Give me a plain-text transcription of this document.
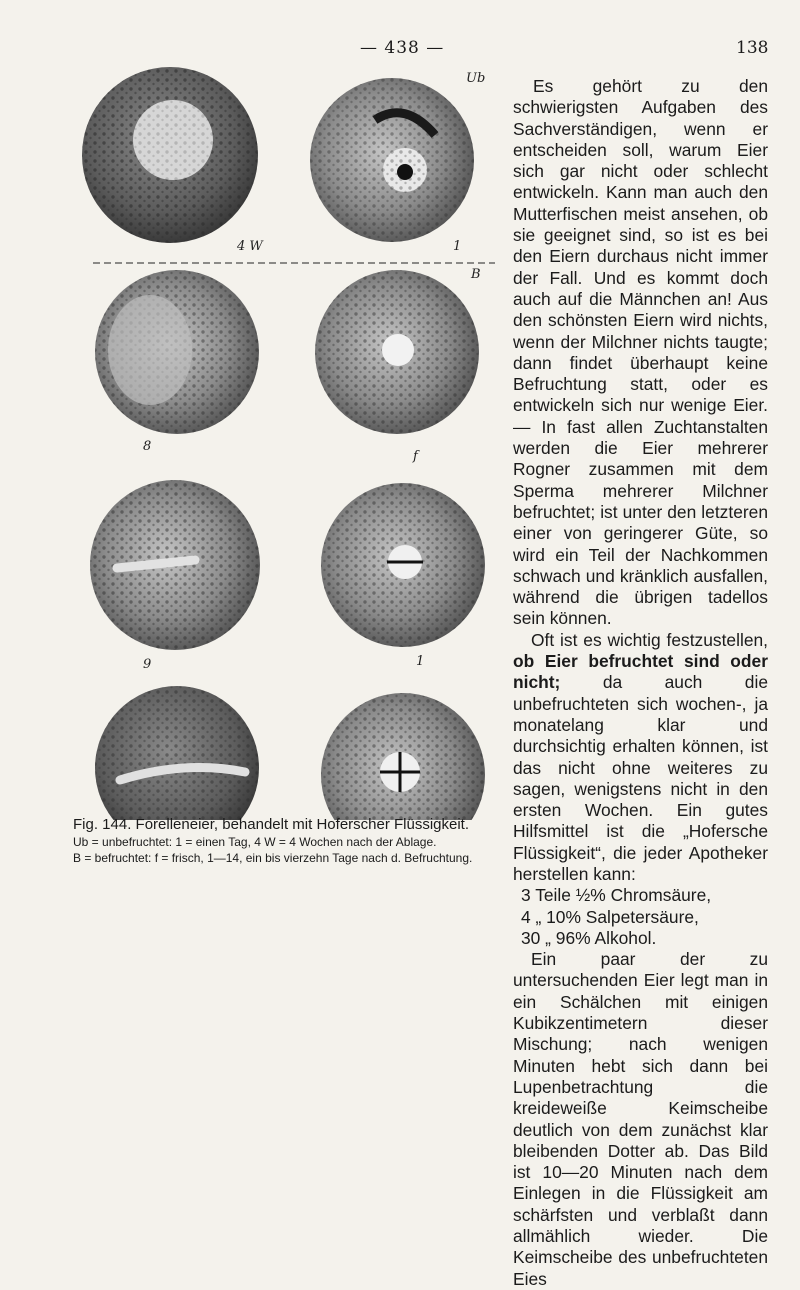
— 438 —	138
Ub
4 W	1
B
8
f
9	1
Fig. 144. Forelleneier, behandelt mit Hoferscher Flüssigkeit.
Ub = unbefruchtet: 1 = einen Tag, 4 W = 4 Wochen nach der Ablage.
B = befruchtet: f = frisch, 1—14, ein bis vierzehn Tage nach d. Befruchtung.

Es gehört zu den schwierigsten Aufgaben des Sachverständigen, wenn er entscheiden soll, warum Eier sich gar nicht oder schlecht entwickeln. Kann man auch den Mutterfischen meist ansehen, ob sie geeignet sind, so ist es bei den Eiern durchaus nicht immer der Fall. Und es kommt doch auch auf die Männchen an! Aus den schönsten Eiern wird nichts, wenn der Milchner nichts taugte; dann findet überhaupt keine Befruchtung statt, oder es entwickeln sich nur wenige Eier. — In fast allen Zuchtanstalten werden die Eier mehrerer Rogner zusammen mit dem Sperma mehrerer Milchner befruchtet; ist unter den letzteren einer von geringerer Güte, so wird ein Teil der Nachkommen schwach und kränklich ausfallen, während die übrigen tadellos sein können.

Oft ist es wichtig festzustellen, ob Eier befruchtet sind oder nicht; da auch die unbefruchteten sich wochen-, ja monatelang klar und durchsichtig erhalten können, ist das nicht ohne weiteres zu sagen, wenigstens nicht in den ersten Wochen. Ein gutes Hilfsmittel ist die „Hofersche Flüssigkeit“, die jeder Apotheker herstellen kann:

3 Teile ½% Chromsäure,

4 „ 10% Salpetersäure,

30 „ 96% Alkohol.

Ein paar der zu untersuchenden Eier legt man in ein Schälchen mit einigen Kubikzentimetern dieser Mischung; nach wenigen Minuten hebt sich dann bei Lupenbetrachtung die kreideweiße Keimscheibe deutlich von dem zunächst klar bleibenden Dotter ab. Das Bild ist 10—20 Minuten nach dem Einlegen in die Flüssigkeit am schärfsten und verblaßt dann allmählich wieder. Die Keimscheibe des unbefruchteten Eies
